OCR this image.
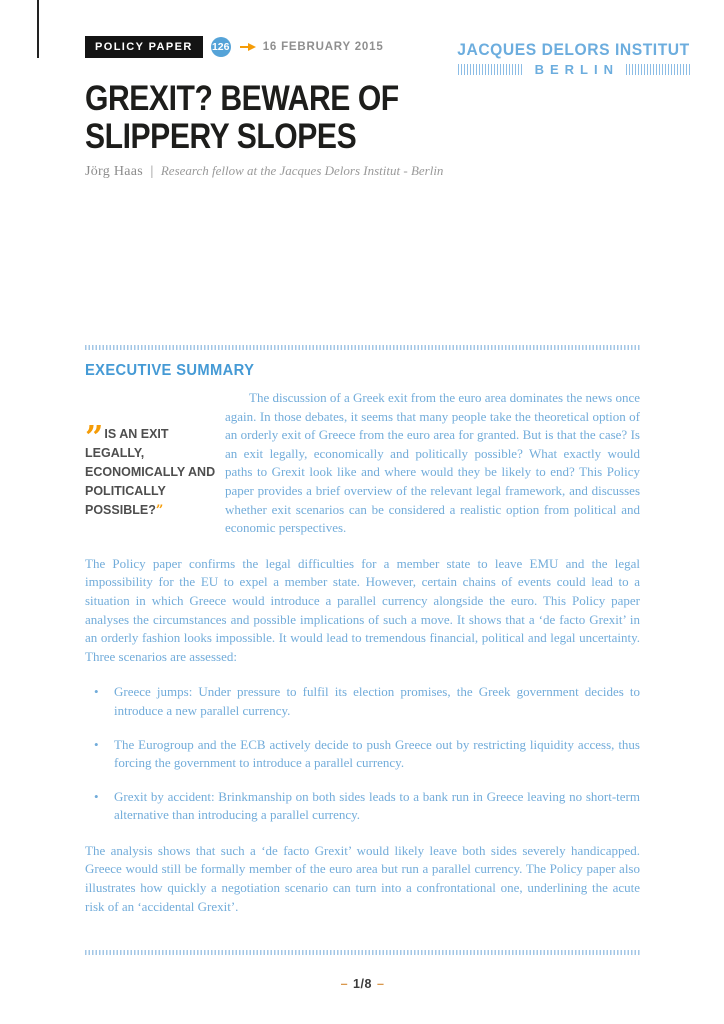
POLICY PAPER	126	16 FEBRUARY 2015	JACQUES DELORS INSTITUT
BERLIN
GREXIT? BEWARE OF
SLIPPERY SLOPES
Jörg Haas | Research fellow at the Jacques Delors Institut - Berlin
EXECUTIVE SUMMARY
” IS AN EXIT LEGALLY, ECONOMICALLY AND POLITICALLY POSSIBLE?”

The discussion of a Greek exit from the euro area dominates the news once again. In those debates, it seems that many people take the theoretical option of an orderly exit of Greece from the euro area for granted. But is that the case? Is an exit legally, economically and politically possible? What exactly would paths to Grexit look like and where would they be likely to end? This Policy paper provides a brief overview of the relevant legal framework, and discusses whether exit scenarios can be considered a realistic option from political and economic perspectives.

The Policy paper confirms the legal difficulties for a member state to leave EMU and the legal impossibility for the EU to expel a member state. However, certain chains of events could lead to a situation in which Greece would introduce a parallel currency alongside the euro. This Policy paper analyses the circumstances and possible implications of such a move. It shows that a ‘de facto Grexit’ in an orderly fashion looks impossible. It would lead to tremendous financial, political and legal uncertainty. Three scenarios are assessed:

•	Greece jumps: Under pressure to fulfil its election promises, the Greek government decides to introduce a new parallel currency.
•	The Eurogroup and the ECB actively decide to push Greece out by restricting liquidity access, thus forcing the government to introduce a parallel currency.
•	Grexit by accident: Brinkmanship on both sides leads to a bank run in Greece leaving no short-term alternative than introducing a parallel currency.

The analysis shows that such a ‘de facto Grexit’ would likely leave both sides severely handicapped. Greece would still be formally member of the euro area but run a parallel currency. The Policy paper also illustrates how quickly a negotiation scenario can turn into a confrontational one, underlining the acute risk of an ‘accidental Grexit’.

– 1/8 –
